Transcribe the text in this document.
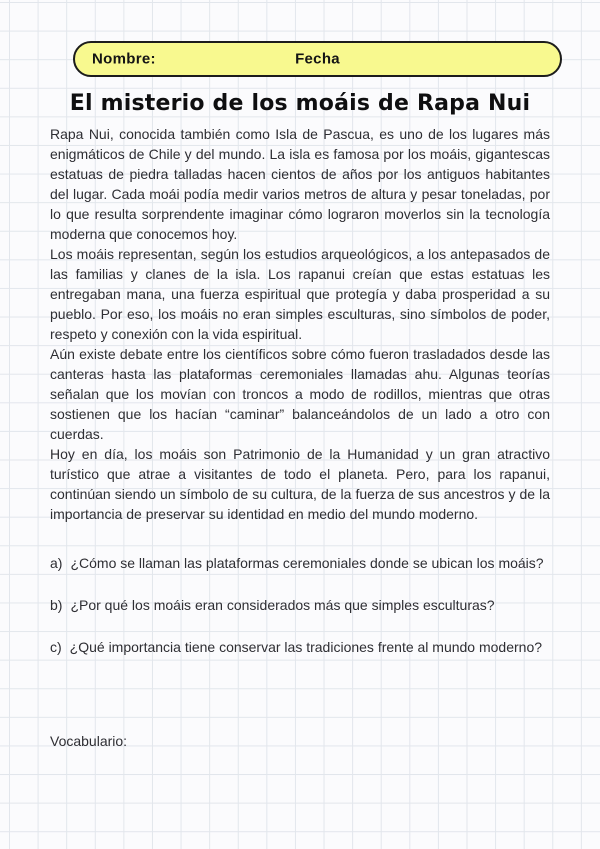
Nombre:	Fecha
El misterio de los moáis de Rapa Nui

Rapa Nui, conocida también como Isla de Pascua, es uno de los lugares más enigmáticos de Chile y del mundo. La isla es famosa por los moáis, gigantescas estatuas de piedra talladas hacen cientos de años por los antiguos habitantes del lugar. Cada moái podía medir varios metros de altura y pesar toneladas, por lo que resulta sorprendente imaginar cómo lograron moverlos sin la tecnología moderna que conocemos hoy.

Los moáis representan, según los estudios arqueológicos, a los antepasados de las familias y clanes de la isla. Los rapanui creían que estas estatuas les entregaban mana, una fuerza espiritual que protegía y daba prosperidad a su pueblo. Por eso, los moáis no eran simples esculturas, sino símbolos de poder, respeto y conexión con la vida espiritual.

Aún existe debate entre los científicos sobre cómo fueron trasladados desde las canteras hasta las plataformas ceremoniales llamadas ahu. Algunas teorías señalan que los movían con troncos a modo de rodillos, mientras que otras sostienen que los hacían “caminar” balanceándolos de un lado a otro con cuerdas.

Hoy en día, los moáis son Patrimonio de la Humanidad y un gran atractivo turístico que atrae a visitantes de todo el planeta. Pero, para los rapanui, continúan siendo un símbolo de su cultura, de la fuerza de sus ancestros y de la importancia de preservar su identidad en medio del mundo moderno.

a) ¿Cómo se llaman las plataformas ceremoniales donde se ubican los moáis?

b) ¿Por qué los moáis eran considerados más que simples esculturas?

c) ¿Qué importancia tiene conservar las tradiciones frente al mundo moderno?

Vocabulario:
